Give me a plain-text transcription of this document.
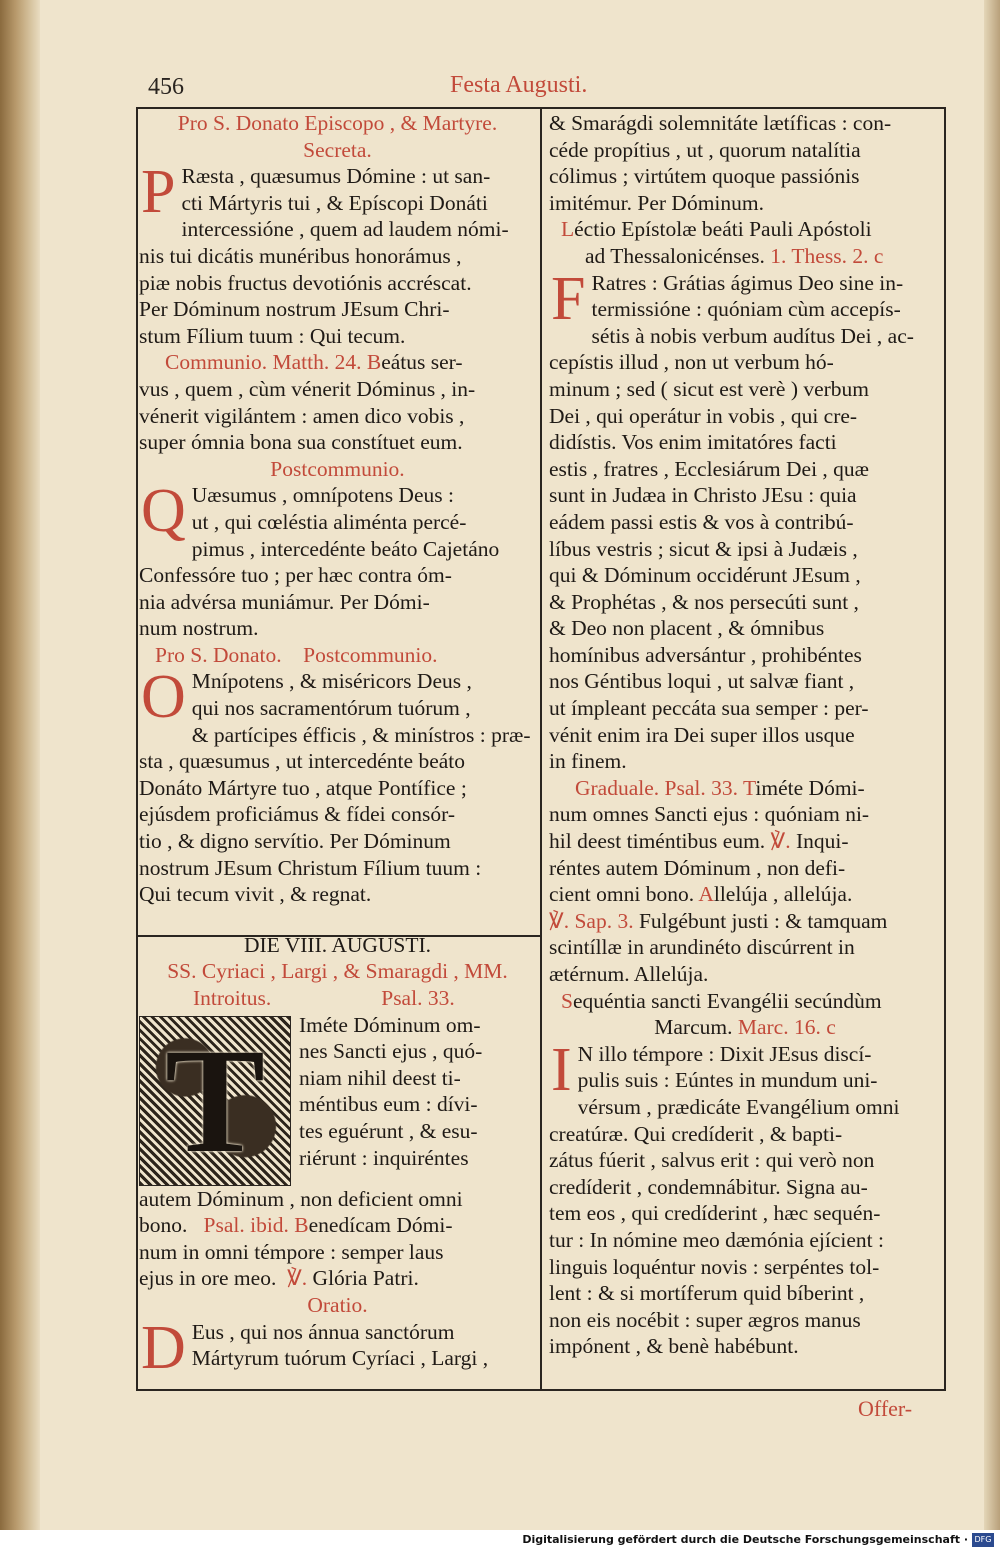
456	Festa Augusti.
Pro S. Donato Episcopo , & Martyre.
Secreta.
P Ræsta , quæsumus Dómine : ut san-
cti Mártyris tui , & Epíscopi Donáti
intercessióne , quem ad laudem nómi-
nis tui dicátis munéribus honorámus ,
piæ nobis fructus devotiónis accréscat.
Per Dóminum nostrum JEsum Chri-
stum Fílium tuum : Qui tecum.
Communio. Matth. 24. Beátus ser-
vus , quem , cùm vénerit Dóminus , in-
vénerit vigilántem : amen dico vobis ,
super ómnia bona sua constítuet eum.
Postcommunio.
Q Uæsumus , omnípotens Deus :
ut , qui cœléstia aliménta percé-
pimus , intercedénte beáto Cajetáno
Confessóre tuo ; per hæc contra óm-
nia advérsa muniámur. Per Dómi-
num nostrum.
Pro S. Donato. Postcommunio.
O Mnípotens , & miséricors Deus ,
qui nos sacramentórum tuórum ,
& partícipes éfficis , & minístros : præ-
sta , quæsumus , ut intercedénte beáto
Donáto Mártyre tuo , atque Pontífice ;
ejúsdem proficiámus & fídei consór-
tio , & digno servítio. Per Dóminum
nostrum JEsum Christum Fílium tuum :
Qui tecum vivit , & regnat.
DIE VIII. AUGUSTI.
SS. Cyriaci , Largi , & Smaragdi , MM.
Introitus.	Psal. 33.
T	Iméte Dóminum om-
nes Sancti ejus , quó-
niam nihil deest ti-
méntibus eum : dívi-
tes eguérunt , & esu-
riérunt : inquiréntes
autem Dóminum , non deficient omni
bono. Psal. ibid. Benedícam Dómi-
num in omni témpore : semper laus
ejus in ore meo. ℣. Glória Patri.
Oratio.
D Eus , qui nos ánnua sanctórum
Mártyrum tuórum Cyríaci , Largi ,
& Smarágdi solemnitáte lætíficas : con-
céde propítius , ut , quorum natalítia
cólimus ; virtútem quoque passiónis
imitémur. Per Dóminum.
Léctio Epístolæ beáti Pauli Apóstoli
ad Thessalonicénses. 1. Thess. 2. c
F Ratres : Grátias ágimus Deo sine in-
termissióne : quóniam cùm accepís-
sétis à nobis verbum audítus Dei , ac-
cepístis illud , non ut verbum hó-
minum ; sed ( sicut est verè ) verbum
Dei , qui operátur in vobis , qui cre-
didístis. Vos enim imitatóres facti
estis , fratres , Ecclesiárum Dei , quæ
sunt in Judæa in Christo JEsu : quia
eádem passi estis & vos à contribú-
líbus vestris ; sicut & ipsi à Judæis ,
qui & Dóminum occidérunt JEsum ,
& Prophétas , & nos persecúti sunt ,
& Deo non placent , & ómnibus
homínibus adversántur , prohibéntes
nos Géntibus loqui , ut salvæ fiant ,
ut ímpleant peccáta sua semper : per-
vénit enim ira Dei super illos usque
in finem.
Graduale. Psal. 33. Timéte Dómi-
num omnes Sancti ejus : quóniam ni-
hil deest timéntibus eum. ℣. Inqui-
réntes autem Dóminum , non defi-
cient omni bono. Allelúja , allelúja.
℣. Sap. 3. Fulgébunt justi : & tamquam
scintíllæ in arundinéto discúrrent in
ætérnum. Allelúja.
Sequéntia sancti Evangélii secúndùm
Marcum. Marc. 16. c
I N illo témpore : Dixit JEsus discí-
pulis suis : Eúntes in mundum uni-
vérsum , prædicáte Evangélium omni
creatúræ. Qui credíderit , & bapti-
zátus fúerit , salvus erit : qui verò non
credíderit , condemnábitur. Signa au-
tem eos , qui credíderint , hæc sequén-
tur : In nómine meo dæmónia ejícient :
linguis loquéntur novis : serpéntes tol-
lent : & si mortíferum quid bíberint ,
non eis nocébit : super ægros manus
impónent , & benè habébunt.
Offer-
Digitalisierung gefördert durch die Deutsche Forschungsgemeinschaft · DFG
